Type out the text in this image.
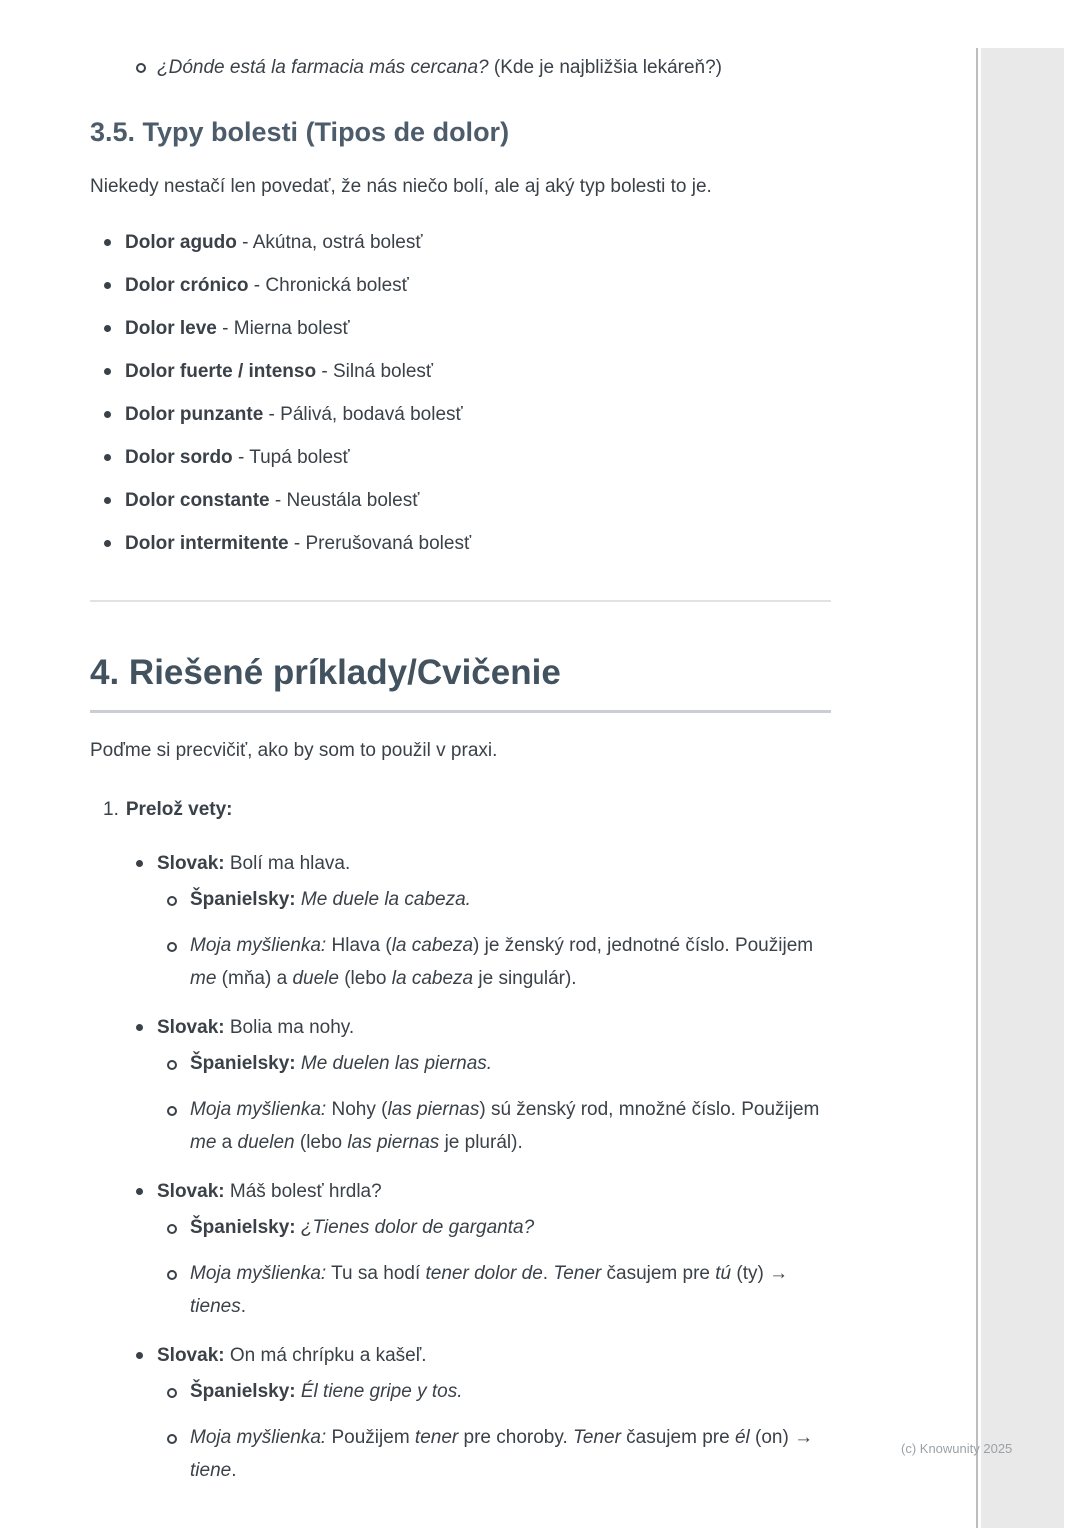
¿Dónde está la farmacia más cercana? (Kde je najbližšia lekáreň?)
3.5. Typy bolesti (Tipos de dolor)

Niekedy nestačí len povedať, že nás niečo bolí, ale aj aký typ bolesti to je.

Dolor agudo - Akútna, ostrá bolesť
Dolor crónico - Chronická bolesť
Dolor leve - Mierna bolesť
Dolor fuerte / intenso - Silná bolesť
Dolor punzante - Pálivá, bodavá bolesť
Dolor sordo - Tupá bolesť
Dolor constante - Neustála bolesť
Dolor intermitente - Prerušovaná bolesť
4. Riešené príklady/Cvičenie

Poďme si precvičiť, ako by som to použil v praxi.

1. Prelož vety:
Slovak: Bolí ma hlava.
Španielsky: Me duele la cabeza.
Moja myšlienka: Hlava (la cabeza) je ženský rod, jednotné číslo. Použijem me (mňa) a duele (lebo la cabeza je singulár).
Slovak: Bolia ma nohy.
Španielsky: Me duelen las piernas.
Moja myšlienka: Nohy (las piernas) sú ženský rod, množné číslo. Použijem me a duelen (lebo las piernas je plurál).
Slovak: Máš bolesť hrdla?
Španielsky: ¿Tienes dolor de garganta?
Moja myšlienka: Tu sa hodí tener dolor de. Tener časujem pre tú (ty) → tienes.
Slovak: On má chrípku a kašeľ.
Španielsky: Él tiene gripe y tos.
Moja myšlienka: Použijem tener pre choroby. Tener časujem pre él (on) → tiene.
(c) Knowunity 2025
